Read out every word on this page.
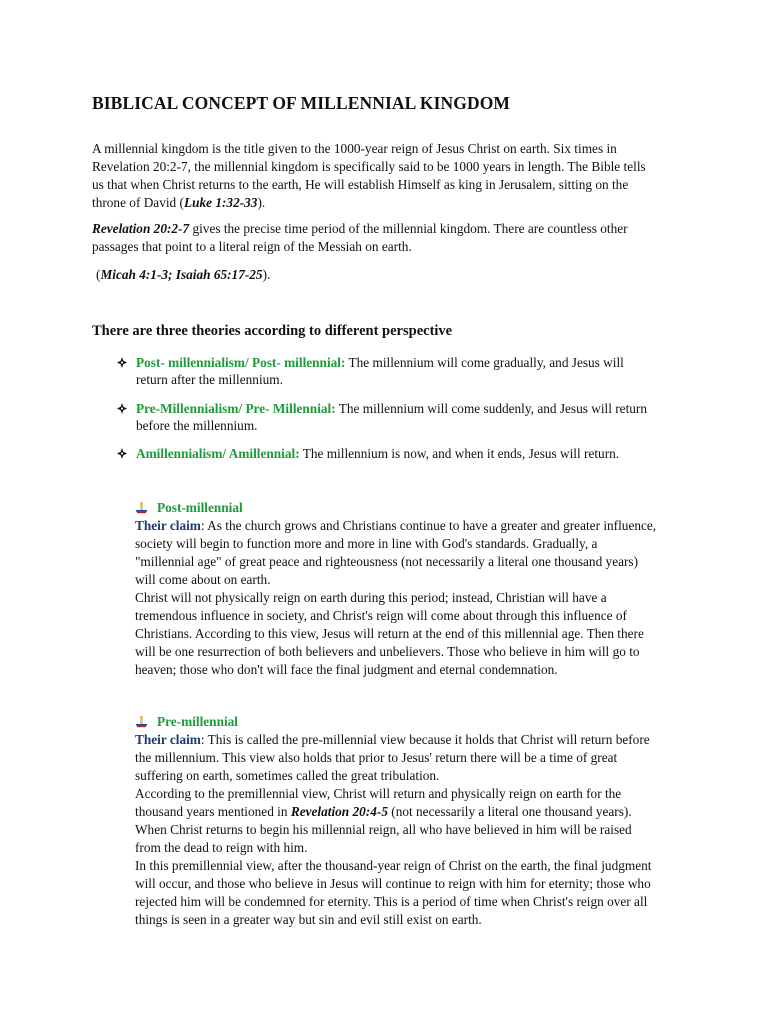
BIBLICAL CONCEPT OF MILLENNIAL KINGDOM
A millennial kingdom is the title given to the 1000-year reign of Jesus Christ on earth. Six times in
Revelation 20:2-7, the millennial kingdom is specifically said to be 1000 years in length. The Bible tells
us that when Christ returns to the earth, He will establish Himself as king in Jerusalem, sitting on the
throne of David (Luke 1:32-33).
Revelation 20:2-7 gives the precise time period of the millennial kingdom. There are countless other
passages that point to a literal reign of the Messiah on earth.
(Micah 4:1-3; Isaiah 65:17-25).
There are three theories according to different perspective
Post- millennialism/ Post- millennial: The millennium will come gradually, and Jesus will
return after the millennium.
Pre-Millennialism/ Pre- Millennial: The millennium will come suddenly, and Jesus will return
before the millennium.
Amillennialism/ Amillennial: The millennium is now, and when it ends, Jesus will return.
Post-millennial
Their claim: As the church grows and Christians continue to have a greater and greater influence,
society will begin to function more and more in line with God's standards. Gradually, a
"millennial age" of great peace and righteousness (not necessarily a literal one thousand years)
will come about on earth.
Christ will not physically reign on earth during this period; instead, Christian will have a
tremendous influence in society, and Christ's reign will come about through this influence of
Christians. According to this view, Jesus will return at the end of this millennial age. Then there
will be one resurrection of both believers and unbelievers. Those who believe in him will go to
heaven; those who don't will face the final judgment and eternal condemnation.
Pre-millennial
Their claim: This is called the pre-millennial view because it holds that Christ will return before
the millennium. This view also holds that prior to Jesus' return there will be a time of great
suffering on earth, sometimes called the great tribulation.
According to the premillennial view, Christ will return and physically reign on earth for the
thousand years mentioned in Revelation 20:4-5 (not necessarily a literal one thousand years).
When Christ returns to begin his millennial reign, all who have believed in him will be raised
from the dead to reign with him.
In this premillennial view, after the thousand-year reign of Christ on the earth, the final judgment
will occur, and those who believe in Jesus will continue to reign with him for eternity; those who
rejected him will be condemned for eternity. This is a period of time when Christ's reign over all
things is seen in a greater way but sin and evil still exist on earth.
